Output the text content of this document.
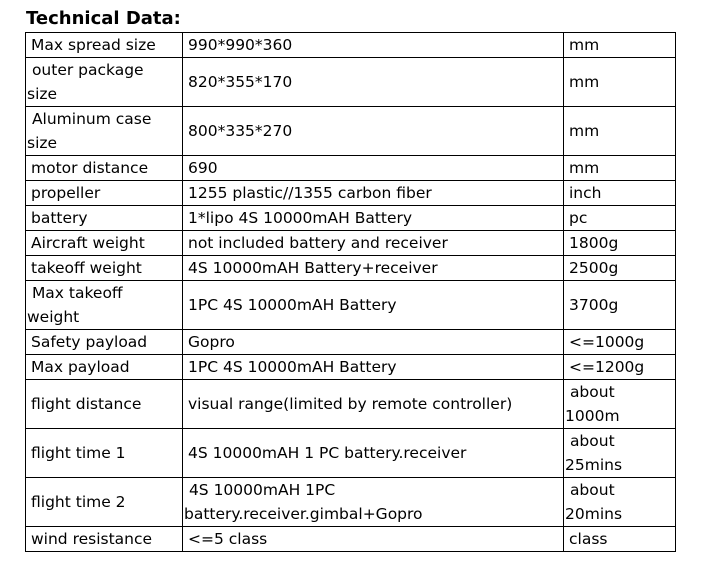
Technical Data:
Max spread size	990*990*360	mm
outer package
size	820*355*170	mm
Aluminum case
size	800*335*270	mm
motor distance	690	mm
propeller	1255 plastic//1355 carbon fiber	inch
battery	1*lipo 4S 10000mAH Battery	pc
Aircraft weight	not included battery and receiver	1800g
takeoff weight	4S 10000mAH Battery+receiver	2500g
Max takeoff
weight	1PC 4S 10000mAH Battery	3700g
Safety payload	Gopro	<=1000g
Max payload	1PC 4S 10000mAH Battery	<=1200g
flight distance	visual range(limited by remote controller)	about
1000m
flight time 1	4S 10000mAH 1 PC battery.receiver	about
25mins
flight time 2	4S 10000mAH 1PC
battery.receiver.gimbal+Gopro	about
20mins
wind resistance	<=5 class	class
